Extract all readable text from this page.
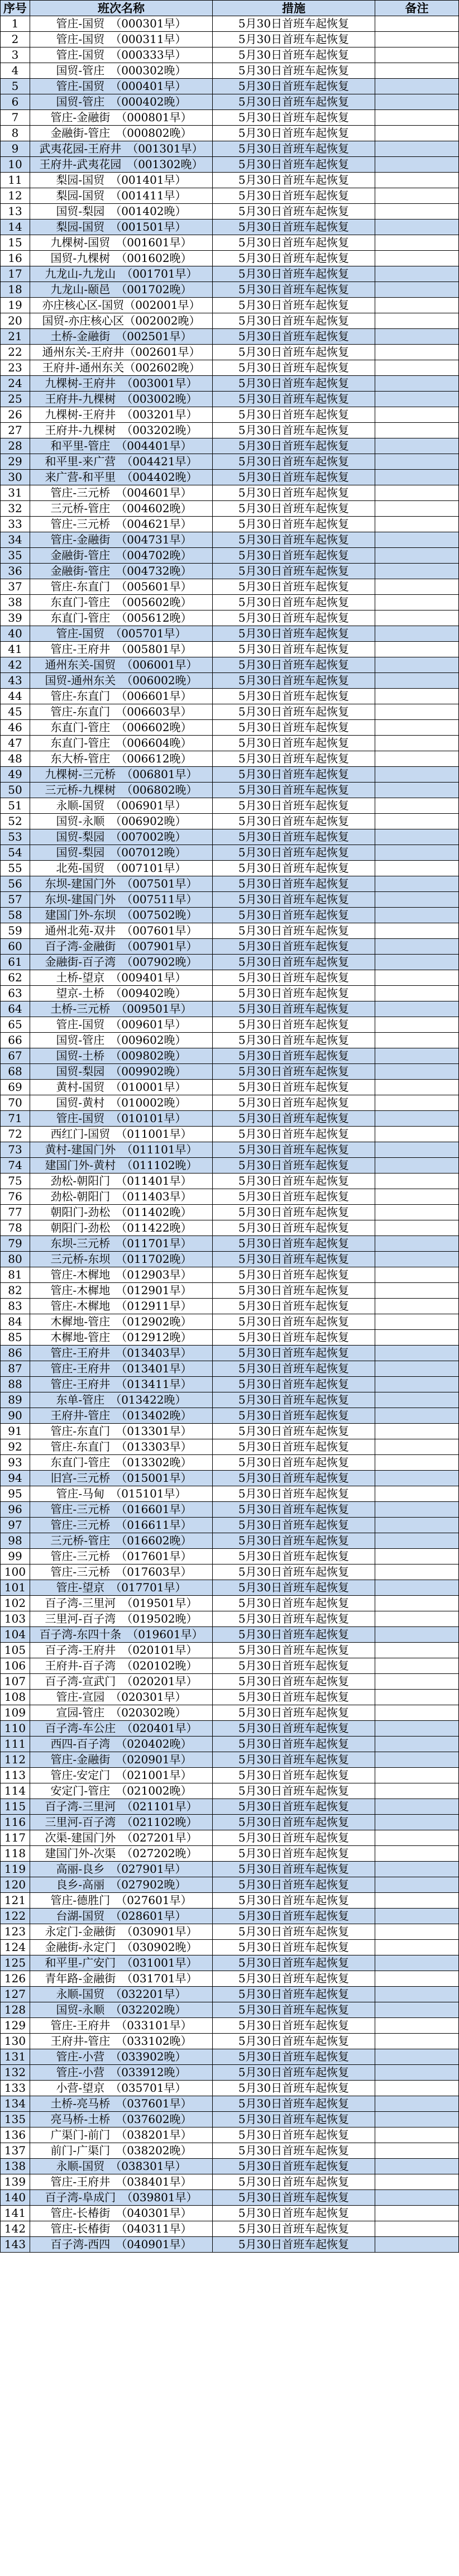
序号	班次名称	措施	备注
1	管庄-国贸　（000301早）	5月30日首班车起恢复	
2	管庄-国贸　（000311早）	5月30日首班车起恢复	
3	管庄-国贸　（000333早）	5月30日首班车起恢复	
4	国贸-管庄　（000302晚）	5月30日首班车起恢复	
5	管庄-国贸　（000401早）	5月30日首班车起恢复	
6	国贸-管庄　（000402晚）	5月30日首班车起恢复	
7	管庄-金融街　（000801早）	5月30日首班车起恢复	
8	金融街-管庄　（000802晚）	5月30日首班车起恢复	
9	武夷花园-王府井　（001301早）	5月30日首班车起恢复	
10	王府井-武夷花园　（001302晚）	5月30日首班车起恢复	
11	梨园-国贸　（001401早）	5月30日首班车起恢复	
12	梨园-国贸　（001411早）	5月30日首班车起恢复	
13	国贸-梨园　（001402晚）	5月30日首班车起恢复	
14	梨园-国贸　（001501早）	5月30日首班车起恢复	
15	九棵树-国贸　（001601早）	5月30日首班车起恢复	
16	国贸-九棵树　（001602晚）	5月30日首班车起恢复	
17	九龙山-九龙山　（001701早）	5月30日首班车起恢复	
18	九龙山-颐邑　（001702晚）	5月30日首班车起恢复	
19	亦庄核心区-国贸（002001早）	5月30日首班车起恢复	
20	国贸-亦庄核心区（002002晚）	5月30日首班车起恢复	
21	土桥-金融街　（002501早）	5月30日首班车起恢复	
22	通州东关-王府井（002601早）	5月30日首班车起恢复	
23	王府井-通州东关（002602晚）	5月30日首班车起恢复	
24	九棵树-王府井　（003001早）	5月30日首班车起恢复	
25	王府井-九棵树　（003002晚）	5月30日首班车起恢复	
26	九棵树-王府井　（003201早）	5月30日首班车起恢复	
27	王府井-九棵树　（003202晚）	5月30日首班车起恢复	
28	和平里-管庄　（004401早）	5月30日首班车起恢复	
29	和平里-来广营　（004421早）	5月30日首班车起恢复	
30	来广营-和平里　（004402晚）	5月30日首班车起恢复	
31	管庄-三元桥　（004601早）	5月30日首班车起恢复	
32	三元桥-管庄　（004602晚）	5月30日首班车起恢复	
33	管庄-三元桥　（004621早）	5月30日首班车起恢复	
34	管庄-金融街　（004731早）	5月30日首班车起恢复	
35	金融街-管庄　（004702晚）	5月30日首班车起恢复	
36	金融街-管庄　（004732晚）	5月30日首班车起恢复	
37	管庄-东直门　（005601早）	5月30日首班车起恢复	
38	东直门-管庄　（005602晚）	5月30日首班车起恢复	
39	东直门-管庄　（005612晚）	5月30日首班车起恢复	
40	管庄-国贸　（005701早）	5月30日首班车起恢复	
41	管庄-王府井　（005801早）	5月30日首班车起恢复	
42	通州东关-国贸　（006001早）	5月30日首班车起恢复	
43	国贸-通州东关　（006002晚）	5月30日首班车起恢复	
44	管庄-东直门　（006601早）	5月30日首班车起恢复	
45	管庄-东直门　（006603早）	5月30日首班车起恢复	
46	东直门-管庄　（006602晚）	5月30日首班车起恢复	
47	东直门-管庄　（006604晚）	5月30日首班车起恢复	
48	东大桥-管庄　（006612晚）	5月30日首班车起恢复	
49	九棵树-三元桥　（006801早）	5月30日首班车起恢复	
50	三元桥-九棵树　（006802晚）	5月30日首班车起恢复	
51	永顺-国贸　（006901早）	5月30日首班车起恢复	
52	国贸-永顺　（006902晚）	5月30日首班车起恢复	
53	国贸-梨园　（007002晚）	5月30日首班车起恢复	
54	国贸-梨园　（007012晚）	5月30日首班车起恢复	
55	北苑-国贸　（007101早）	5月30日首班车起恢复	
56	东坝-建国门外　（007501早）	5月30日首班车起恢复	
57	东坝-建国门外　（007511早）	5月30日首班车起恢复	
58	建国门外-东坝　（007502晚）	5月30日首班车起恢复	
59	通州北苑-双井　（007601早）	5月30日首班车起恢复	
60	百子湾-金融街　（007901早）	5月30日首班车起恢复	
61	金融街-百子湾　（007902晚）	5月30日首班车起恢复	
62	土桥-望京　（009401早）	5月30日首班车起恢复	
63	望京-土桥　（009402晚）	5月30日首班车起恢复	
64	土桥-三元桥　（009501早）	5月30日首班车起恢复	
65	管庄-国贸　（009601早）	5月30日首班车起恢复	
66	国贸-管庄　（009602晚）	5月30日首班车起恢复	
67	国贸-土桥　（009802晚）	5月30日首班车起恢复	
68	国贸-梨园　（009902晚）	5月30日首班车起恢复	
69	黄村-国贸　（010001早）	5月30日首班车起恢复	
70	国贸-黄村　（010002晚）	5月30日首班车起恢复	
71	管庄-国贸　（010101早）	5月30日首班车起恢复	
72	西红门-国贸　（011001早）	5月30日首班车起恢复	
73	黄村-建国门外　（011101早）	5月30日首班车起恢复	
74	建国门外-黄村　（011102晚）	5月30日首班车起恢复	
75	劲松-朝阳门　（011401早）	5月30日首班车起恢复	
76	劲松-朝阳门　（011403早）	5月30日首班车起恢复	
77	朝阳门-劲松　（011402晚）	5月30日首班车起恢复	
78	朝阳门-劲松　（011422晚）	5月30日首班车起恢复	
79	东坝-三元桥　（011701早）	5月30日首班车起恢复	
80	三元桥-东坝　（011702晚）	5月30日首班车起恢复	
81	管庄-木樨地　（012903早）	5月30日首班车起恢复	
82	管庄-木樨地　（012901早）	5月30日首班车起恢复	
83	管庄-木樨地　（012911早）	5月30日首班车起恢复	
84	木樨地-管庄　（012902晚）	5月30日首班车起恢复	
85	木樨地-管庄　（012912晚）	5月30日首班车起恢复	
86	管庄-王府井　（013403早）	5月30日首班车起恢复	
87	管庄-王府井　（013401早）	5月30日首班车起恢复	
88	管庄-王府井　（013411早）	5月30日首班车起恢复	
89	东单-管庄　（013422晚）	5月30日首班车起恢复	
90	王府井-管庄　（013402晚）	5月30日首班车起恢复	
91	管庄-东直门　（013301早）	5月30日首班车起恢复	
92	管庄-东直门　（013303早）	5月30日首班车起恢复	
93	东直门-管庄　（013302晚）	5月30日首班车起恢复	
94	旧宫-三元桥　（015001早）	5月30日首班车起恢复	
95	管庄-马甸　（015101早）	5月30日首班车起恢复	
96	管庄-三元桥　（016601早）	5月30日首班车起恢复	
97	管庄-三元桥　（016611早）	5月30日首班车起恢复	
98	三元桥-管庄　（016602晚）	5月30日首班车起恢复	
99	管庄-三元桥　（017601早）	5月30日首班车起恢复	
100	管庄-三元桥　（017603早）	5月30日首班车起恢复	
101	管庄-望京　（017701早）	5月30日首班车起恢复	
102	百子湾-三里河　（019501早）	5月30日首班车起恢复	
103	三里河-百子湾　（019502晚）	5月30日首班车起恢复	
104	百子湾-东四十条　（019601早）	5月30日首班车起恢复	
105	百子湾-王府井　（020101早）	5月30日首班车起恢复	
106	王府井-百子湾　（020102晚）	5月30日首班车起恢复	
107	百子湾-宣武门　（020201早）	5月30日首班车起恢复	
108	管庄-宣园　（020301早）	5月30日首班车起恢复	
109	宣园-管庄　（020302晚）	5月30日首班车起恢复	
110	百子湾-车公庄　（020401早）	5月30日首班车起恢复	
111	西四-百子湾　（020402晚）	5月30日首班车起恢复	
112	管庄-金融街　（020901早）	5月30日首班车起恢复	
113	管庄-安定门　（021001早）	5月30日首班车起恢复	
114	安定门-管庄　（021002晚）	5月30日首班车起恢复	
115	百子湾-三里河　（021101早）	5月30日首班车起恢复	
116	三里河-百子湾　（021102晚）	5月30日首班车起恢复	
117	次渠-建国门外　（027201早）	5月30日首班车起恢复	
118	建国门外-次渠　（027202晚）	5月30日首班车起恢复	
119	高丽-良乡　（027901早）	5月30日首班车起恢复	
120	良乡-高丽　（027902晚）	5月30日首班车起恢复	
121	管庄-德胜门　（027601早）	5月30日首班车起恢复	
122	台湖-国贸　（028601早）	5月30日首班车起恢复	
123	永定门-金融街　（030901早）	5月30日首班车起恢复	
124	金融街-永定门　（030902晚）	5月30日首班车起恢复	
125	和平里-广安门　（031001早）	5月30日首班车起恢复	
126	青年路-金融街　（031701早）	5月30日首班车起恢复	
127	永顺-国贸　（032201早）	5月30日首班车起恢复	
128	国贸-永顺　（032202晚）	5月30日首班车起恢复	
129	管庄-王府井　（033101早）	5月30日首班车起恢复	
130	王府井-管庄　（033102晚）	5月30日首班车起恢复	
131	管庄-小营　（033902晚）	5月30日首班车起恢复	
132	管庄-小营　（033912晚）	5月30日首班车起恢复	
133	小营-望京　（035701早）	5月30日首班车起恢复	
134	土桥-亮马桥　（037601早）	5月30日首班车起恢复	
135	亮马桥-土桥　（037602晚）	5月30日首班车起恢复	
136	广渠门-前门　（038201早）	5月30日首班车起恢复	
137	前门-广渠门　（038202晚）	5月30日首班车起恢复	
138	永顺-国贸　（038301早）	5月30日首班车起恢复	
139	管庄-王府井　（038401早）	5月30日首班车起恢复	
140	百子湾-阜成门　（039801早）	5月30日首班车起恢复	
141	管庄-长椿街　（040301早）	5月30日首班车起恢复	
142	管庄-长椿街　（040311早）	5月30日首班车起恢复	
143	百子湾-西四　（040901早）	5月30日首班车起恢复	
